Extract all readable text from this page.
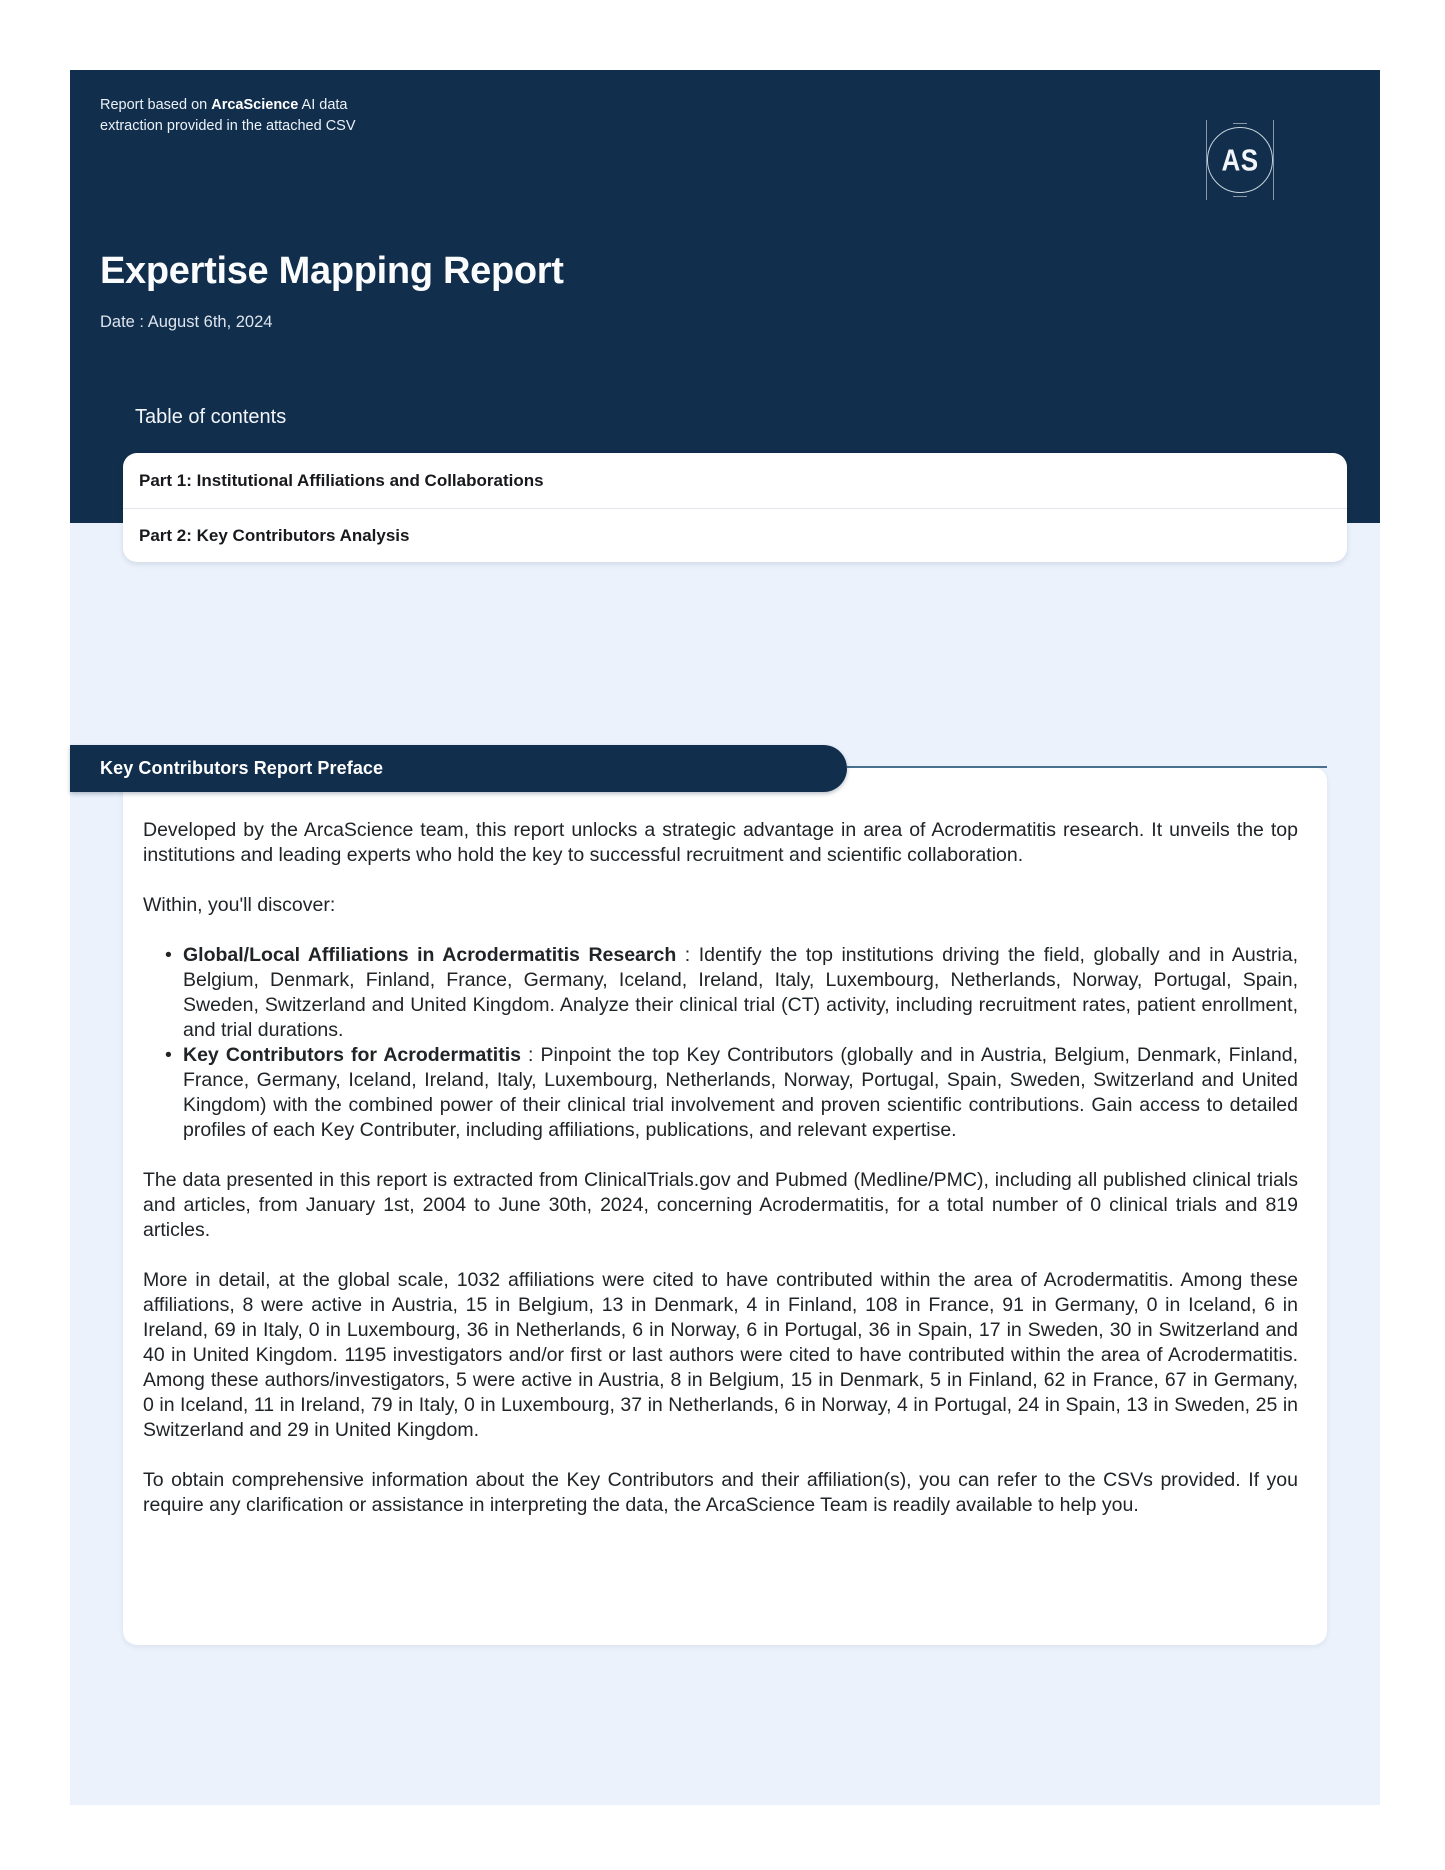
Report based on ArcaScience AI data extraction provided in the attached CSV
AS
Expertise Mapping Report
Date : August 6th, 2024
Table of contents
Part 1: Institutional Affiliations and Collaborations
Part 2: Key Contributors Analysis
Key Contributors Report Preface

Developed by the ArcaScience team, this report unlocks a strategic advantage in area of Acrodermatitis research. It unveils the top institutions and leading experts who hold the key to successful recruitment and scientific collaboration.

Within, you'll discover:

• Global/Local Affiliations in Acrodermatitis Research : Identify the top institutions driving the field, globally and in Austria, Belgium, Denmark, Finland, France, Germany, Iceland, Ireland, Italy, Luxembourg, Netherlands, Norway, Portugal, Spain, Sweden, Switzerland and United Kingdom. Analyze their clinical trial (CT) activity, including recruitment rates, patient enrollment, and trial durations.
• Key Contributors for Acrodermatitis : Pinpoint the top Key Contributors (globally and in Austria, Belgium, Denmark, Finland, France, Germany, Iceland, Ireland, Italy, Luxembourg, Netherlands, Norway, Portugal, Spain, Sweden, Switzerland and United Kingdom) with the combined power of their clinical trial involvement and proven scientific contributions. Gain access to detailed profiles of each Key Contributer, including affiliations, publications, and relevant expertise.

The data presented in this report is extracted from ClinicalTrials.gov and Pubmed (Medline/PMC), including all published clinical trials and articles, from January 1st, 2004 to June 30th, 2024, concerning Acrodermatitis, for a total number of 0 clinical trials and 819 articles.

More in detail, at the global scale, 1032 affiliations were cited to have contributed within the area of Acrodermatitis. Among these affiliations, 8 were active in Austria, 15 in Belgium, 13 in Denmark, 4 in Finland, 108 in France, 91 in Germany, 0 in Iceland, 6 in Ireland, 69 in Italy, 0 in Luxembourg, 36 in Netherlands, 6 in Norway, 6 in Portugal, 36 in Spain, 17 in Sweden, 30 in Switzerland and 40 in United Kingdom. 1195 investigators and/or first or last authors were cited to have contributed within the area of Acrodermatitis. Among these authors/investigators, 5 were active in Austria, 8 in Belgium, 15 in Denmark, 5 in Finland, 62 in France, 67 in Germany, 0 in Iceland, 11 in Ireland, 79 in Italy, 0 in Luxembourg, 37 in Netherlands, 6 in Norway, 4 in Portugal, 24 in Spain, 13 in Sweden, 25 in Switzerland and 29 in United Kingdom.

To obtain comprehensive information about the Key Contributors and their affiliation(s), you can refer to the CSVs provided. If you require any clarification or assistance in interpreting the data, the ArcaScience Team is readily available to help you.
